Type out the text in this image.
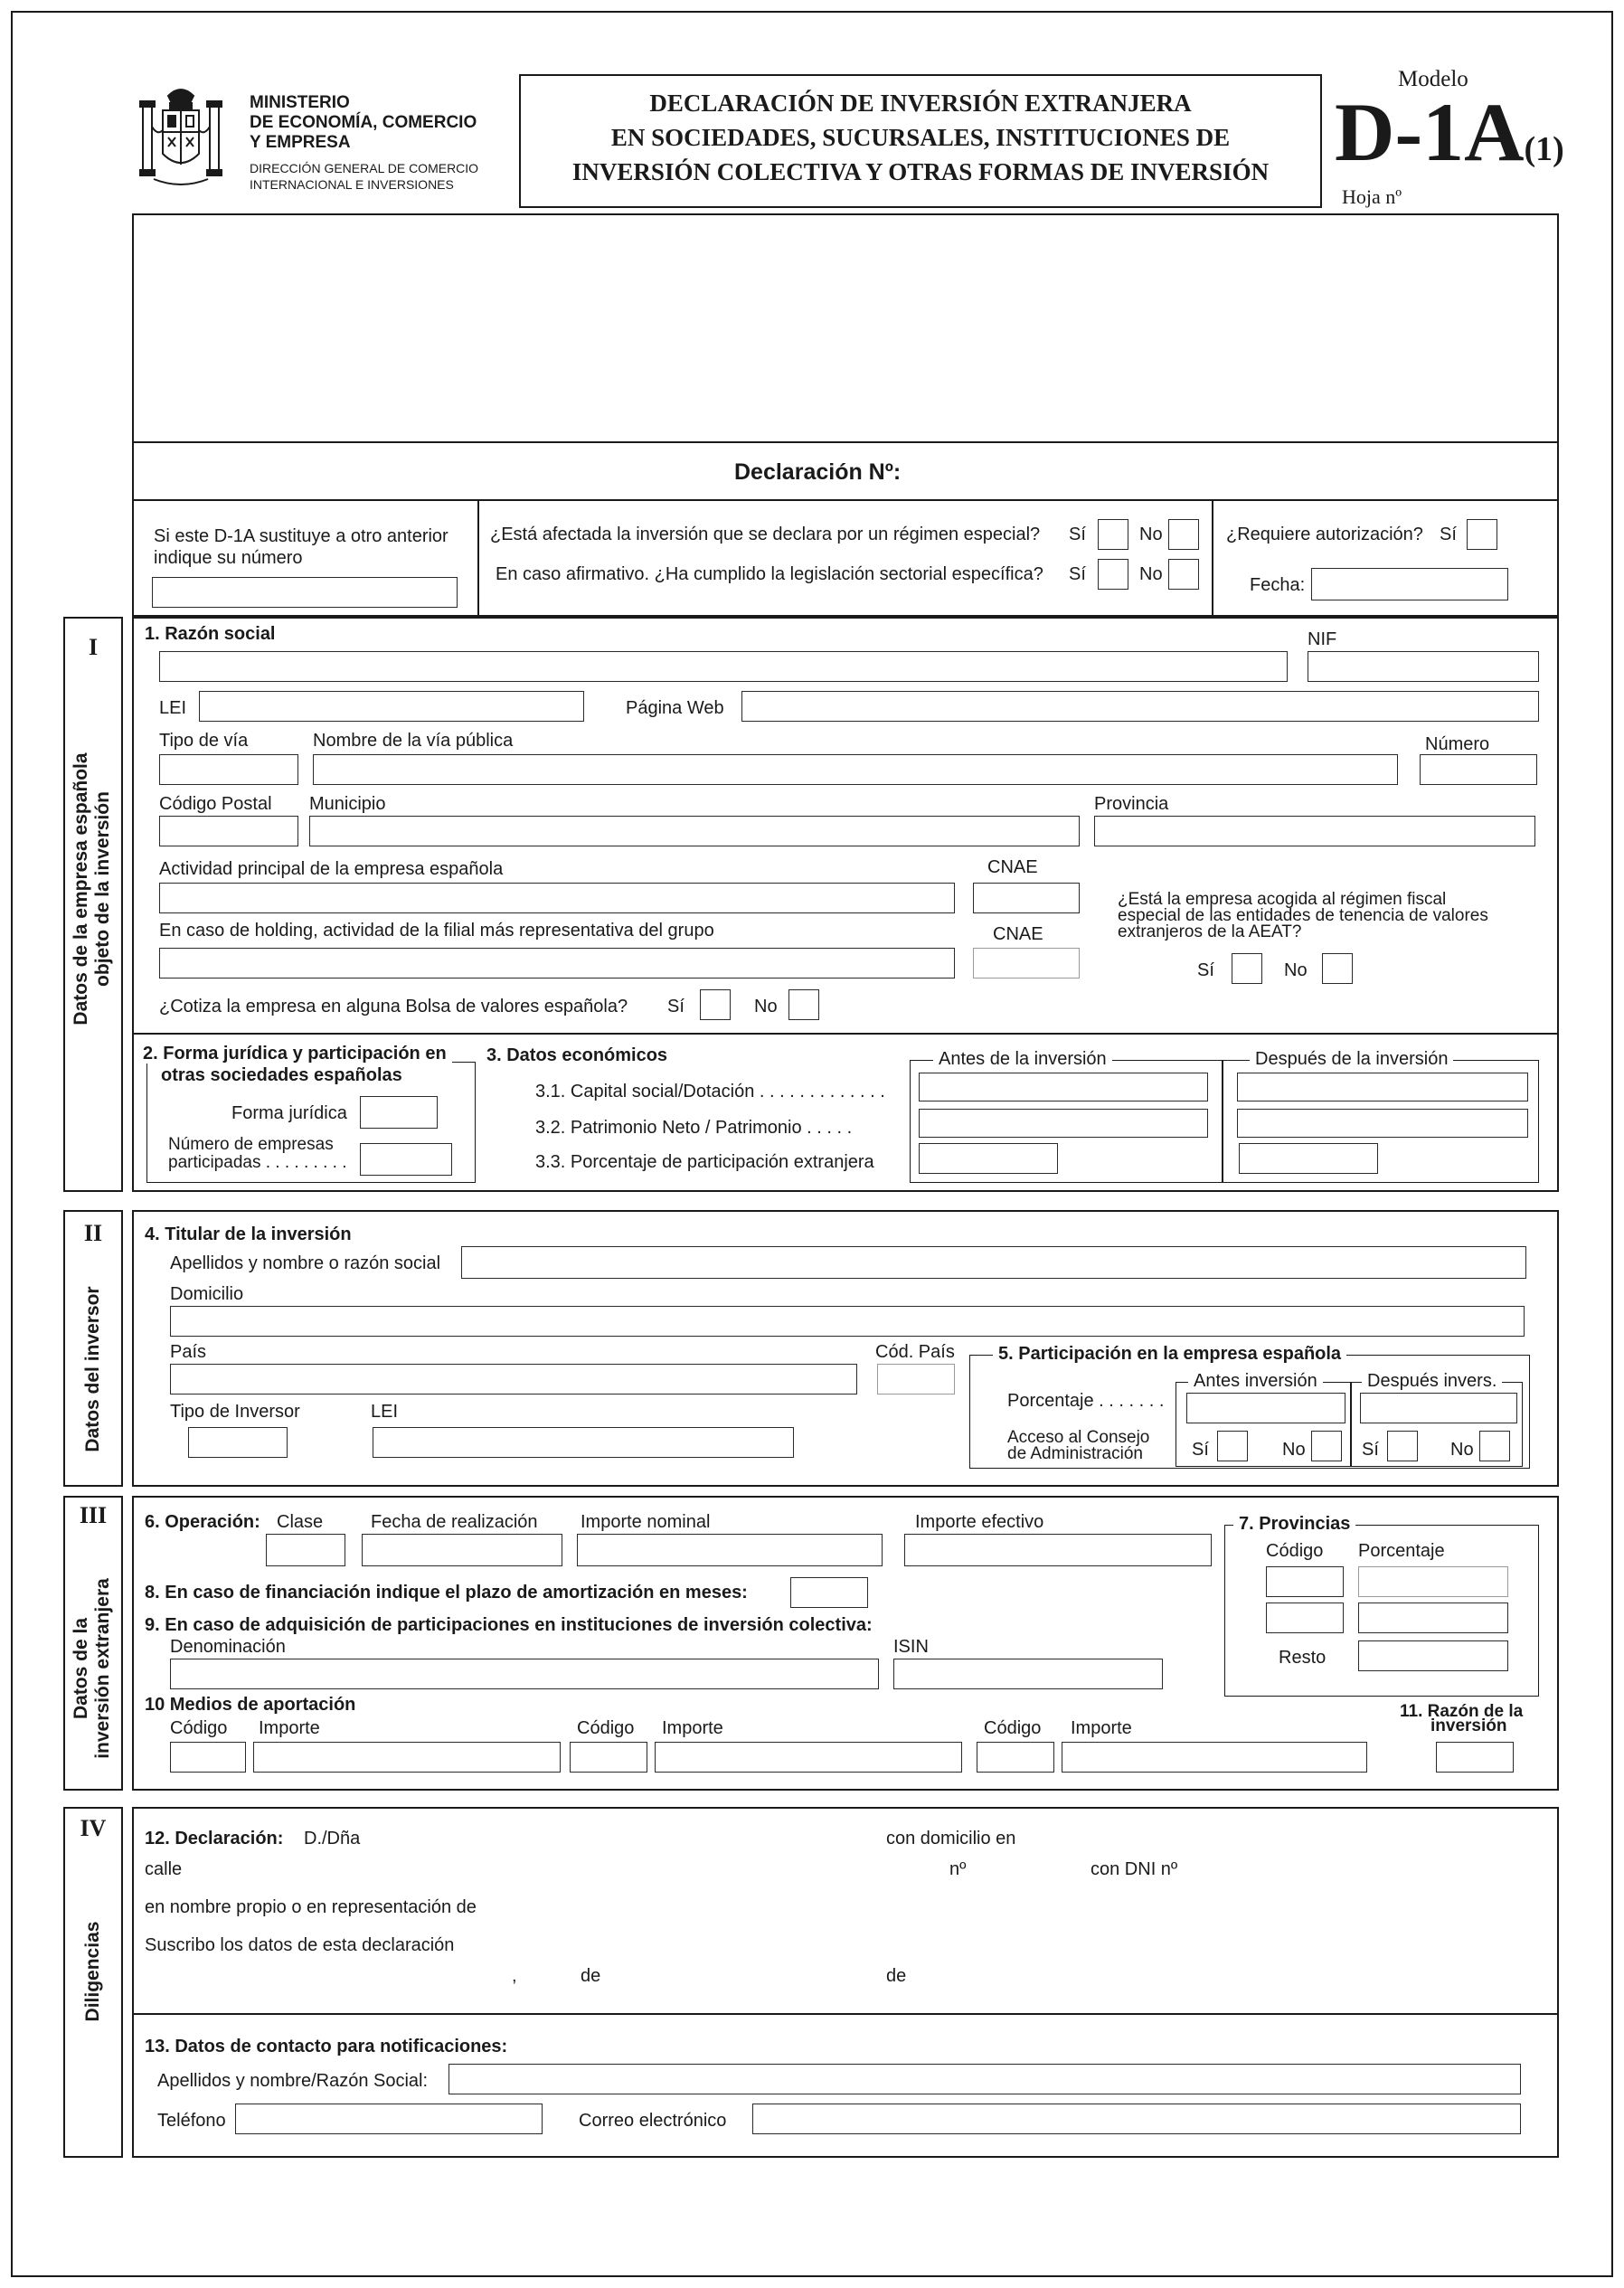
MINISTERIO
DE ECONOMÍA, COMERCIO
Y EMPRESA
DIRECCIÓN GENERAL DE COMERCIO
INTERNACIONAL E INVERSIONES
DECLARACIÓN DE INVERSIÓN EXTRANJERA
EN SOCIEDADES, SUCURSALES, INSTITUCIONES DE
INVERSIÓN COLECTIVA Y OTRAS FORMAS DE INVERSIÓN
Modelo
D-1A(1)
Hoja nº
Declaración Nº:
Si este D-1A sustituye a otro anterior
indique su número
¿Está afectada la inversión que se declara por un régimen especial? Sí	No
En caso afirmativo. ¿Ha cumplido la legislación sectorial específica? Sí	No
¿Requiere autorización? Sí
Fecha:
I
Datos de la empresa española objeto de la inversión
1. Razón social	NIF
LEI	Página Web
Tipo de vía	Nombre de la vía pública	Número
Código Postal Municipio	Provincia
Actividad principal de la empresa española	CNAE
En caso de holding, actividad de la filial más representativa del grupo	CNAE
¿Está la empresa acogida al régimen fiscal
especial de las entidades de tenencia de valores
extranjeros de la AEAT?
Sí	No
¿Cotiza la empresa en alguna Bolsa de valores española? Sí	No
2. Forma jurídica y participación en
otras sociedades españolas
Forma jurídica
Número de empresas
participadas . . . . . . . . .
3. Datos económicos
3.1. Capital social/Dotación . . . . . . . . . . . . .
3.2. Patrimonio Neto / Patrimonio . . . . .
3.3. Porcentaje de participación extranjera
Antes de la inversión	Después de la inversión
II
Datos del inversor
4. Titular de la inversión
Apellidos y nombre o razón social
Domicilio
País	Cód. País
Tipo de Inversor	LEI
5. Participación en la empresa española
Antes inversión	Después invers.
Porcentaje . . . . . . .
Acceso al Consejo
de Administración	Sí	No	Sí	No
III
Datos de la inversión extranjera
6. Operación: Clase	Fecha de realización Importe nominal	Importe efectivo	7. Provincias
Código Porcentaje
Resto
8. En caso de financiación indique el plazo de amortización en meses:
9. En caso de adquisición de participaciones en instituciones de inversión colectiva:
Denominación	ISIN
10 Medios de aportación
Código Importe	Código Importe	Código Importe
11. Razón de la
inversión
IV
Diligencias
12. Declaración: D./Dña	con domicilio en
calle	nº	con DNI nº
en nombre propio o en representación de
Suscribo los datos de esta declaración
,	de	de
13. Datos de contacto para notificaciones:
Apellidos y nombre/Razón Social:
Teléfono	Correo electrónico
